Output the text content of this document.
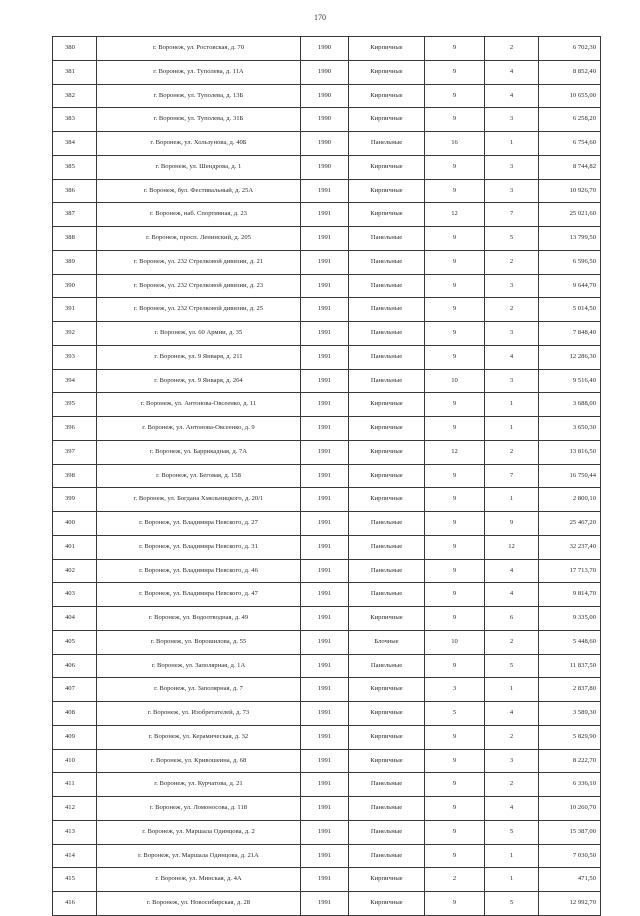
170
380	г. Воронеж, ул. Ростовская, д. 70	1990	Кирпичные	9	2	6 702,30
381	г. Воронеж, ул. Туполева, д. 11А	1990	Кирпичные	9	4	8 852,40
382	г. Воронеж, ул. Туполева, д. 13Б	1990	Кирпичные	9	4	10 655,00
383	г. Воронеж, ул. Туполева, д. 31Б	1990	Кирпичные	9	3	6 258,20
384	г. Воронеж, ул. Хользунова, д. 40Б	1990	Панельные	16	1	6 754,60
385	г. Воронеж, ул. Шендрова, д. 1	1990	Кирпичные	9	3	8 744,82
386	г. Воронеж, бул. Фестивальный, д. 25А	1991	Кирпичные	9	3	10 926,70
387	г. Воронеж, наб. Спортивная, д. 23	1991	Кирпичные	12	7	25 021,60
388	г. Воронеж, просп. Ленинский, д. 205	1991	Панельные	9	5	13 799,50
389	г. Воронеж, ул. 232 Стрелковой дивизии, д. 21	1991	Панельные	9	2	6 596,50
390	г. Воронеж, ул. 232 Стрелковой дивизии, д. 23	1991	Панельные	9	3	9 644,70
391	г. Воронеж, ул. 232 Стрелковой дивизии, д. 25	1991	Панельные	9	2	5 014,50
392	г. Воронеж, ул. 60 Армии, д. 35	1991	Панельные	9	3	7 848,40
393	г. Воронеж, ул. 9 Января, д. 211	1991	Панельные	9	4	12 286,30
394	г. Воронеж, ул. 9 Января, д. 264	1991	Панельные	10	3	9 516,40
395	г. Воронеж, ул. Антонова-Овсеенко, д. 11	1991	Кирпичные	9	1	3 688,00
396	г. Воронеж, ул. Антонова-Овсеенко, д. 9	1991	Кирпичные	9	1	3 650,30
397	г. Воронеж, ул. Баррикадная, д. 7А	1991	Кирпичные	12	2	13 816,50
398	г. Воронеж, ул. Беговая, д. 158	1991	Кирпичные	9	7	16 750,44
399	г. Воронеж, ул. Богдана Хмельницкого, д. 20/1	1991	Кирпичные	9	1	2 800,10
400	г. Воронеж, ул. Владимира Невского, д. 27	1991	Панельные	9	9	25 467,20
401	г. Воронеж, ул. Владимира Невского, д. 31	1991	Панельные	9	12	32 237,40
402	г. Воронеж, ул. Владимира Невского, д. 46	1991	Панельные	9	4	17 713,70
403	г. Воронеж, ул. Владимира Невского, д. 47	1991	Панельные	9	4	9 814,70
404	г. Воронеж, ул. Водоотводная, д. 49	1991	Кирпичные	9	6	9 335,00
405	г. Воронеж, ул. Ворошилова, д. 55	1991	Блочные	10	2	5 448,60
406	г. Воронеж, ул. Заполярная, д. 1А	1991	Панельные	9	5	11 837,50
407	г. Воронеж, ул. Заполярная, д. 7	1991	Кирпичные	3	1	2 837,80
408	г. Воронеж, ул. Изобретателей, д. 73	1991	Кирпичные	5	4	3 589,30
409	г. Воронеж, ул. Керамическая, д. 32	1991	Кирпичные	9	2	5 829,90
410	г. Воронеж, ул. Кривошеина, д. 68	1991	Кирпичные	9	3	8 222,70
411	г. Воронеж, ул. Курчатова, д. 21	1991	Панельные	9	2	6 336,10
412	г. Воронеж, ул. Ломоносова, д. 118	1991	Панельные	9	4	10 260,70
413	г. Воронеж, ул. Маршала Одинцова, д. 2	1991	Панельные	9	5	15 387,00
414	г. Воронеж, ул. Маршала Одинцова, д. 21А	1991	Панельные	9	1	7 030,50
415	г. Воронеж, ул. Минская, д. 4А	1991	Кирпичные	2	1	471,50
416	г. Воронеж, ул. Новосибирская, д. 28	1991	Кирпичные	9	5	12 992,70
